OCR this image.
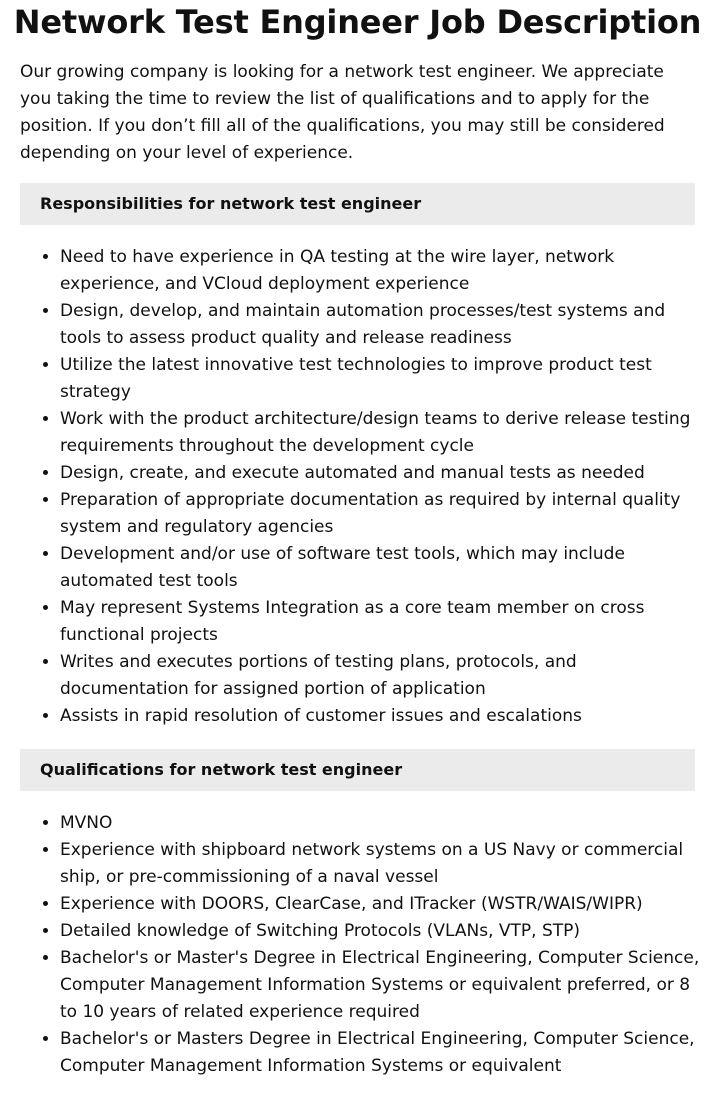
Network Test Engineer Job Description

Our growing company is looking for a network test engineer. We appreciate you taking the time to review the list of qualifications and to apply for the position. If you don’t fill all of the qualifications, you may still be considered depending on your level of experience.

Responsibilities for network test engineer
• Need to have experience in QA testing at the wire layer, network experience, and VCloud deployment experience
• Design, develop, and maintain automation processes/test systems and tools to assess product quality and release readiness
• Utilize the latest innovative test technologies to improve product test strategy
• Work with the product architecture/design teams to derive release testing requirements throughout the development cycle
• Design, create, and execute automated and manual tests as needed
• Preparation of appropriate documentation as required by internal quality system and regulatory agencies
• Development and/or use of software test tools, which may include automated test tools
• May represent Systems Integration as a core team member on cross functional projects
• Writes and executes portions of testing plans, protocols, and documentation for assigned portion of application
• Assists in rapid resolution of customer issues and escalations
Qualifications for network test engineer
• MVNO
• Experience with shipboard network systems on a US Navy or commercial ship, or pre-commissioning of a naval vessel
• Experience with DOORS, ClearCase, and ITracker (WSTR/WAIS/WIPR)
• Detailed knowledge of Switching Protocols (VLANs, VTP, STP)
• Bachelor's or Master's Degree in Electrical Engineering, Computer Science, Computer Management Information Systems or equivalent preferred, or 8 to 10 years of related experience required
• Bachelor's or Masters Degree in Electrical Engineering, Computer Science, Computer Management Information Systems or equivalent
